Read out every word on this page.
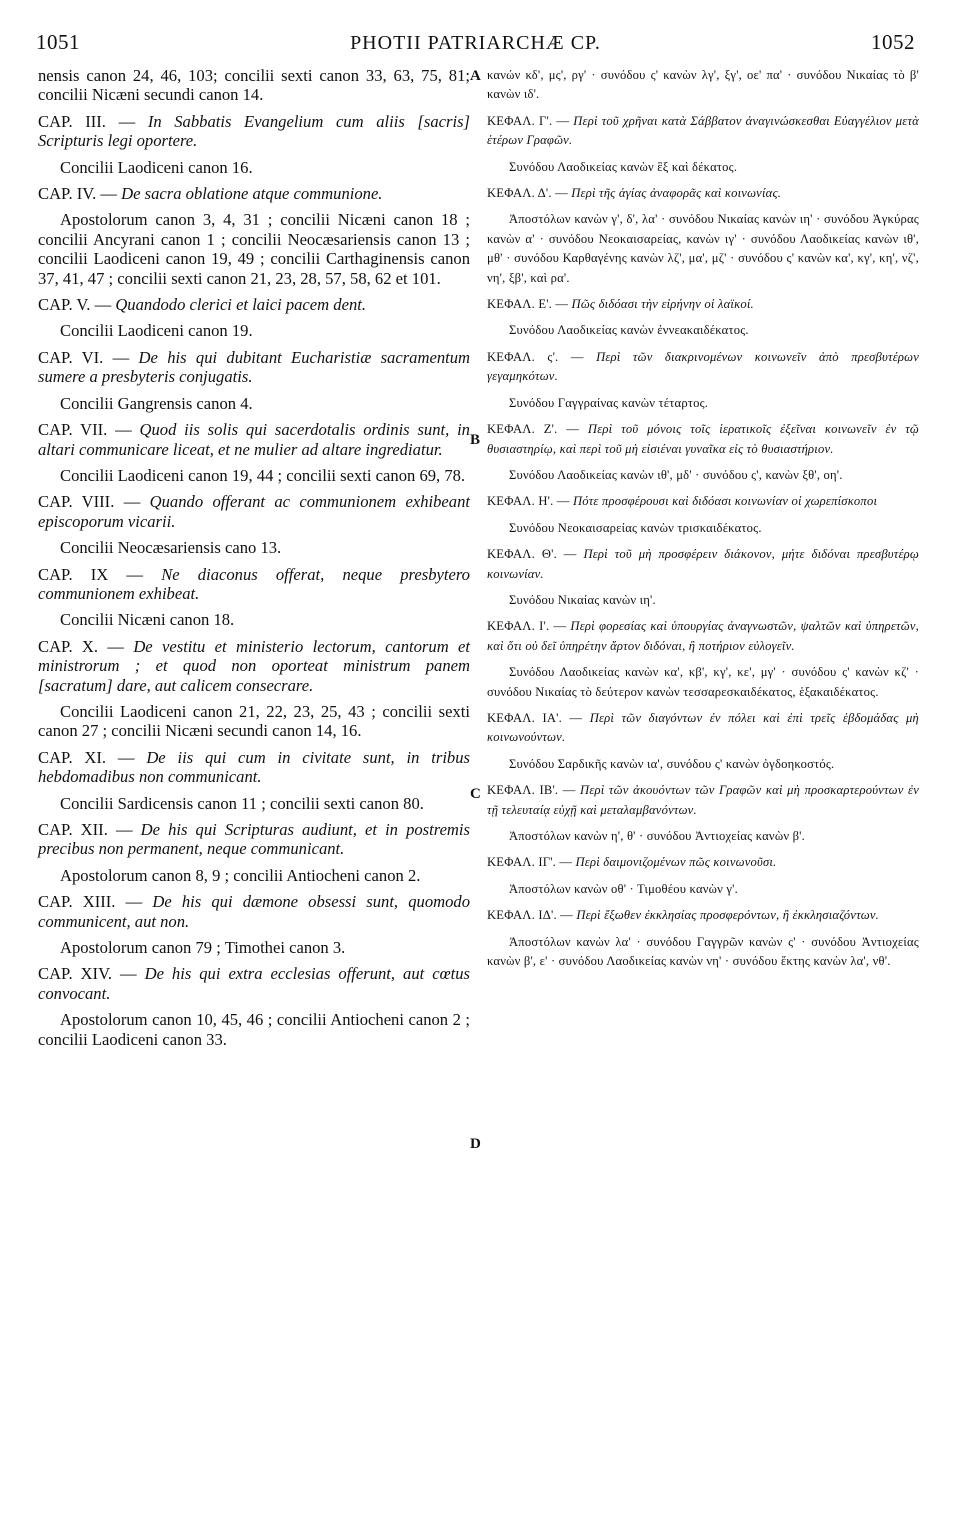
1051	PHOTII PATRIARCHÆ CP.	1052
A
B
C
D

nensis canon 24, 46, 103; concilii sexti canon 33, 63, 75, 81; concilii Nicæni secundi canon 14.

CAP. III. — In Sabbatis Evangelium cum aliis [sacris] Scripturis legi oportere.

Concilii Laodiceni canon 16.

CAP. IV. — De sacra oblatione atque communione.

Apostolorum canon 3, 4, 31 ; concilii Nicæni canon 18 ; concilii Ancyrani canon 1 ; concilii Neocæsariensis canon 13 ; concilii Laodiceni canon 19, 49 ; concilii Carthaginensis canon 37, 41, 47 ; concilii sexti canon 21, 23, 28, 57, 58, 62 et 101.

CAP. V. — Quandodo clerici et laici pacem dent.

Concilii Laodiceni canon 19.

CAP. VI. — De his qui dubitant Eucharistiæ sacramentum sumere a presbyteris conjugatis.

Concilii Gangrensis canon 4.

CAP. VII. — Quod iis solis qui sacerdotalis ordinis sunt, in altari communicare liceat, et ne mulier ad altare ingrediatur.

Concilii Laodiceni canon 19, 44 ; concilii sexti canon 69, 78.

CAP. VIII. — Quando offerant ac communionem exhibeant episcoporum vicarii.

Concilii Neocæsariensis cano 13.

CAP. IX — Ne diaconus offerat, neque presbytero communionem exhibeat.

Concilii Nicæni canon 18.

CAP. X. — De vestitu et ministerio lectorum, cantorum et ministrorum ; et quod non oporteat ministrum panem [sacratum] dare, aut calicem consecrare.

Concilii Laodiceni canon 21, 22, 23, 25, 43 ; concilii sexti canon 27 ; concilii Nicæni secundi canon 14, 16.

CAP. XI. — De iis qui cum in civitate sunt, in tribus hebdomadibus non communicant.

Concilii Sardicensis canon 11 ; concilii sexti canon 80.

CAP. XII. — De his qui Scripturas audiunt, et in postremis precibus non permanent, neque communicant.

Apostolorum canon 8, 9 ; concilii Antiocheni canon 2.

CAP. XIII. — De his qui dæmone obsessi sunt, quomodo communicent, aut non.

Apostolorum canon 79 ; Timothei canon 3.

CAP. XIV. — De his qui extra ecclesias offerunt, aut cœtus convocant.

Apostolorum canon 10, 45, 46 ; concilii Antiocheni canon 2 ; concilii Laodiceni canon 33.

κανών κδ', μς', ργ' · συνόδου ς' κανὼν λγ', ξγ', οε' πα' · συνόδου Νικαίας τὸ β' κανὼν ιδ'.

ΚΕΦΑΛ. Γ'. — Περὶ τοῦ χρῆναι κατὰ Σάββατον ἀναγινώσκεσθαι Εὐαγγέλιον μετὰ ἑτέρων Γραφῶν.

Συνόδου Λαοδικείας κανὼν ἓξ καὶ δέκατος.

ΚΕΦΑΛ. Δ'. — Περὶ τῆς ἁγίας ἀναφορᾶς καὶ κοινωνίας.

Ἀποστόλων κανὼν γ', δ', λα' · συνόδου Νικαίας κανὼν ιη' · συνόδου Ἀγκύρας κανὼν α' · συνόδου Νεοκαισαρείας, κανὼν ιγ' · συνόδου Λαοδικείας κανὼν ιθ', μθ' · συνόδου Καρθαγένης κανὼν λζ', μα', μζ' · συνόδου ς' κανὼν κα', κγ', κη', νζ', νη', ξβ', καὶ ρα'.

ΚΕΦΑΛ. Ε'. — Πῶς διδόασι τὴν εἰρήνην οἱ λαϊκοί.

Συνόδου Λαοδικείας κανὼν ἐννεακαιδέκατος.

ΚΕΦΑΛ. ς'. — Περὶ τῶν διακρινομένων κοινωνεῖν ἀπὸ πρεσβυτέρων γεγαμηκότων.

Συνόδου Γαγγραίνας κανὼν τέταρτος.

ΚΕΦΑΛ. Ζ'. — Περὶ τοῦ μόνοις τοῖς ἱερατικοῖς ἐξεῖναι κοινωνεῖν ἐν τῷ θυσιαστηρίῳ, καὶ περὶ τοῦ μὴ εἰσιέναι γυναῖκα εἰς τὸ θυσιαστήριον.

Συνόδου Λαοδικείας κανὼν ιθ', μδ' · συνόδου ς', κανὼν ξθ', οη'.

ΚΕΦΑΛ. Η'. — Πότε προσφέρουσι καὶ διδόασι κοινωνίαν οἱ χωρεπίσκοποι

Συνόδου Νεοκαισαρείας κανὼν τρισκαιδέκατος.

ΚΕΦΑΛ. Θ'. — Περὶ τοῦ μὴ προσφέρειν διάκονον, μήτε διδόναι πρεσβυτέρῳ κοινωνίαν.

Συνόδου Νικαίας κανὼν ιη'.

ΚΕΦΑΛ. Ι'. — Περὶ φορεσίας καὶ ὑπουργίας ἀναγνωστῶν, ψαλτῶν καὶ ὑπηρετῶν, καὶ ὅτι οὐ δεῖ ὑπηρέτην ἄρτον διδόναι, ἢ ποτήριον εὐλογεῖν.

Συνόδου Λαοδικείας κανὼν κα', κβ', κγ', κε', μγ' · συνόδου ς' κανὼν κζ' · συνόδου Νικαίας τὸ δεύτερον κανὼν τεσσαρεσκαιδέκατος, ἑξακαιδέκατος.

ΚΕΦΑΛ. ΙΑ'. — Περὶ τῶν διαγόντων ἐν πόλει καὶ ἐπὶ τρεῖς ἑβδομάδας μὴ κοινωνούντων.

Συνόδου Σαρδικῆς κανὼν ια', συνόδου ς' κανὼν ὀγδοηκοστός.

ΚΕΦΑΛ. ΙΒ'. — Περὶ τῶν ἀκουόντων τῶν Γραφῶν καὶ μὴ προσκαρτερούντων ἐν τῇ τελευταίᾳ εὐχῇ καὶ μεταλαμβανόντων.

Ἀποστόλων κανὼν η', θ' · συνόδου Ἀντιοχείας κανὼν β'.

ΚΕΦΑΛ. ΙΓ'. — Περὶ δαιμονιζομένων πῶς κοινωνοῦσι.

Ἀποστόλων κανὼν οθ' · Τιμοθέου κανὼν γ'.

ΚΕΦΑΛ. ΙΔ'. — Περὶ ἔξωθεν ἐκκλησίας προσφερόντων, ἢ ἐκκλησιαζόντων.

Ἀποστόλων κανὼν λα' · συνόδου Γαγγρῶν κανὼν ς' · συνόδου Ἀντιοχείας κανὼν β', ε' · συνόδου Λαοδικείας κανὼν νη' · συνόδου ἕκτης κανὼν λα', νθ'.
